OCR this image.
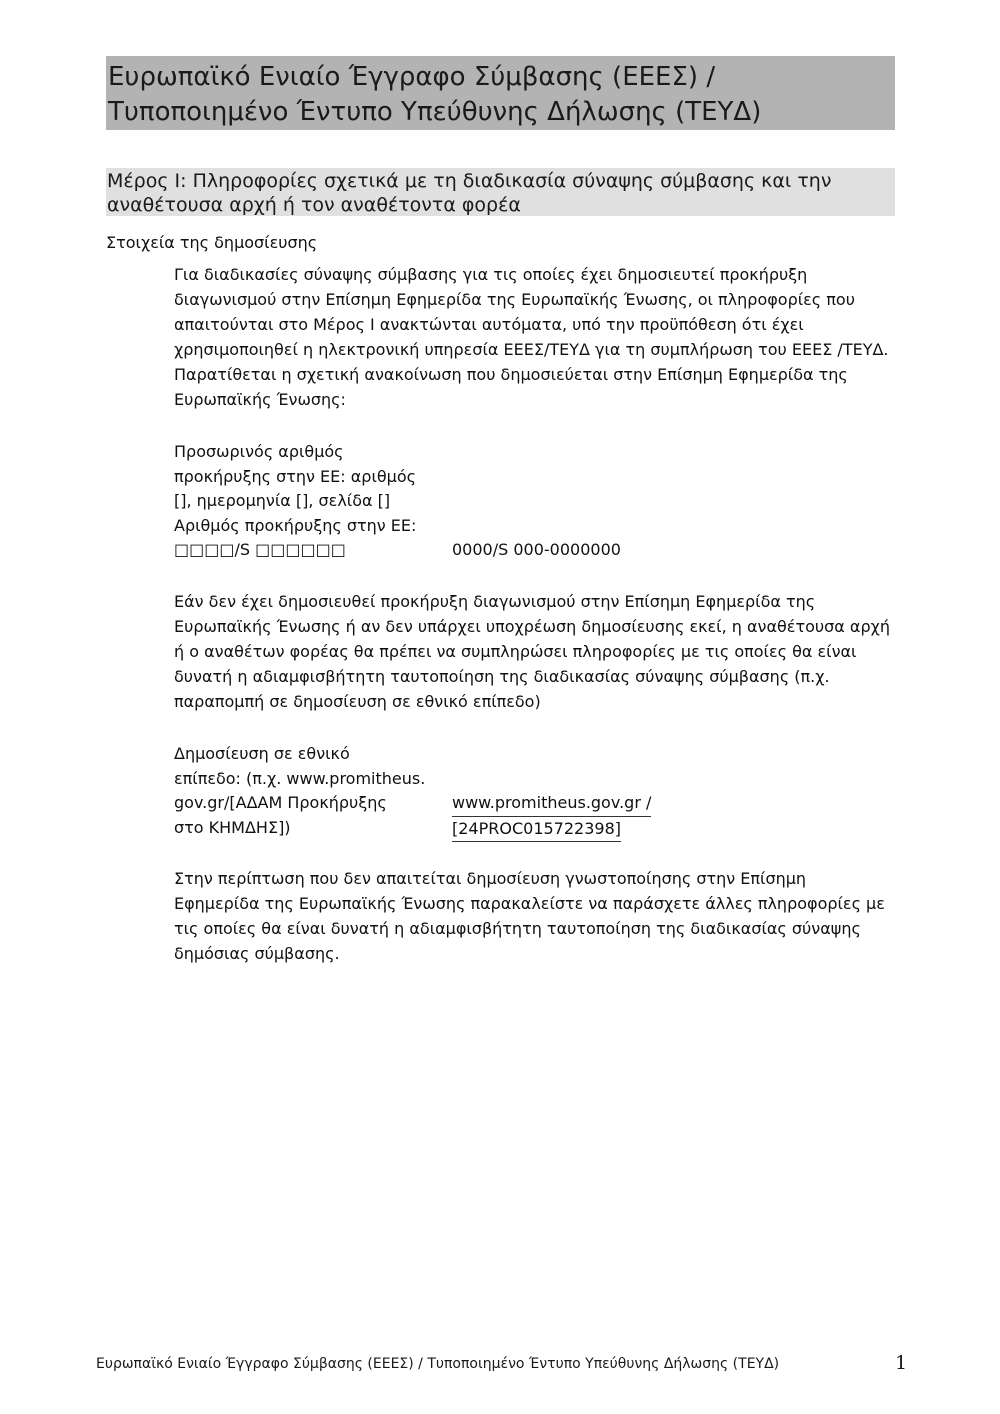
Ευρωπαϊκό Ενιαίο Έγγραφο Σύμβασης (ΕΕΕΣ) / Τυποποιημένο Έντυπο Υπεύθυνης Δήλωσης (ΤΕΥΔ)
Μέρος Ι: Πληροφορίες σχετικά με τη διαδικασία σύναψης σύμβασης και την αναθέτουσα αρχή ή τον αναθέτοντα φορέα
Στοιχεία της δημοσίευσης

Για διαδικασίες σύναψης σύμβασης για τις οποίες έχει δημοσιευτεί προκήρυξη διαγωνισμού στην Επίσημη Εφημερίδα της Ευρωπαϊκής Ένωσης, οι πληροφορίες που απαιτούνται στο Μέρος Ι ανακτώνται αυτόματα, υπό την προϋπόθεση ότι έχει χρησιμοποιηθεί η ηλεκτρονική υπηρεσία ΕΕΕΣ/ΤΕΥΔ για τη συμπλήρωση του ΕΕΕΣ /ΤΕΥΔ. Παρατίθεται η σχετική ανακοίνωση που δημοσιεύεται στην Επίσημη Εφημερίδα της Ευρωπαϊκής Ένωσης:

Προσωρινός αριθμός
προκήρυξης στην ΕΕ: αριθμός
[], ημερομηνία [], σελίδα []
Αριθμός προκήρυξης στην ΕΕ:
□□□□/S □□□□□□	0000/S 000-0000000

Εάν δεν έχει δημοσιευθεί προκήρυξη διαγωνισμού στην Επίσημη Εφημερίδα της Ευρωπαϊκής Ένωσης ή αν δεν υπάρχει υποχρέωση δημοσίευσης εκεί, η αναθέτουσα αρχή ή ο αναθέτων φορέας θα πρέπει να συμπληρώσει πληροφορίες με τις οποίες θα είναι δυνατή η αδιαμφισβήτητη ταυτοποίηση της διαδικασίας σύναψης σύμβασης (π.χ. παραπομπή σε δημοσίευση σε εθνικό επίπεδο)

Δημοσίευση σε εθνικό
επίπεδο: (π.χ. www.promitheus.
gov.gr/[ΑΔΑΜ Προκήρυξης
στο ΚΗΜΔΗΣ])
www.promitheus.gov.gr /
[24PROC015722398]

Στην περίπτωση που δεν απαιτείται δημοσίευση γνωστοποίησης στην Επίσημη Εφημερίδα της Ευρωπαϊκής Ένωσης παρακαλείστε να παράσχετε άλλες πληροφορίες με τις οποίες θα είναι δυνατή η αδιαμφισβήτητη ταυτοποίηση της διαδικασίας σύναψης δημόσιας σύμβασης.

Ευρωπαϊκό Ενιαίο Έγγραφο Σύμβασης (ΕΕΕΣ) / Τυποποιημένο Έντυπο Υπεύθυνης Δήλωσης (ΤΕΥΔ)	1
